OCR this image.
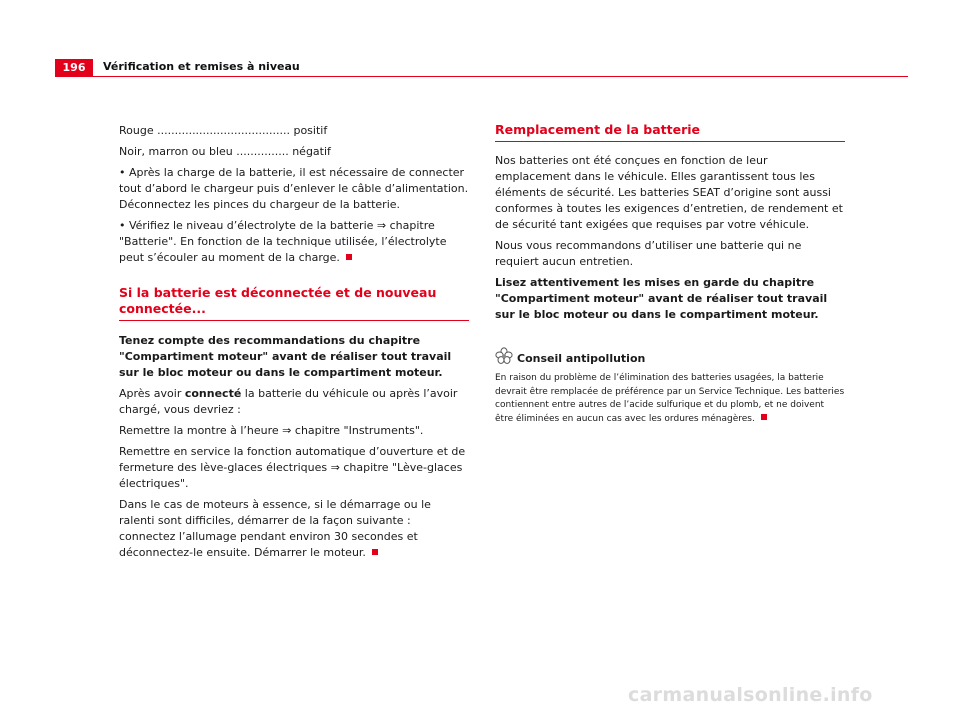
196	Vérification et remises à niveau

Rouge ...................................... positif

Noir, marron ou bleu ............... négatif

• Après la charge de la batterie, il est nécessaire de connecter tout d’abord le chargeur puis d’enlever le câble d’alimentation. Déconnectez les pinces du chargeur de la batterie.

• Vérifiez le niveau d’électrolyte de la batterie ⇒ chapitre "Batterie". En fonction de la technique utilisée, l’électrolyte peut s’écouler au moment de la charge.

Si la batterie est déconnectée et de nouveau connectée...

Tenez compte des recommandations du chapitre "Compartiment moteur" avant de réaliser tout travail sur le bloc moteur ou dans le compartiment moteur.

Après avoir connecté la batterie du véhicule ou après l’avoir chargé, vous devriez :

Remettre la montre à l’heure ⇒ chapitre "Instruments".

Remettre en service la fonction automatique d’ouverture et de fermeture des lève-glaces électriques ⇒ chapitre "Lève-glaces électriques".

Dans le cas de moteurs à essence, si le démarrage ou le ralenti sont difficiles, démarrer de la façon suivante : connectez l’allumage pendant environ 30 secondes et déconnectez-le ensuite. Démarrer le moteur.

Remplacement de la batterie

Nos batteries ont été conçues en fonction de leur emplacement dans le véhicule. Elles garantissent tous les éléments de sécurité. Les batteries SEAT d’origine sont aussi conformes à toutes les exigences d’entretien, de rendement et de sécurité tant exigées que requises par votre véhicule.

Nous vous recommandons d’utiliser une batterie qui ne requiert aucun entretien.

Lisez attentivement les mises en garde du chapitre "Compartiment moteur" avant de réaliser tout travail sur le bloc moteur ou dans le compartiment moteur.

Conseil antipollution

En raison du problème de l’élimination des batteries usagées, la batterie devrait être remplacée de préférence par un Service Technique. Les batteries contiennent entre autres de l’acide sulfurique et du plomb, et ne doivent être éliminées en aucun cas avec les ordures ménagères.

carmanualsonline.info
